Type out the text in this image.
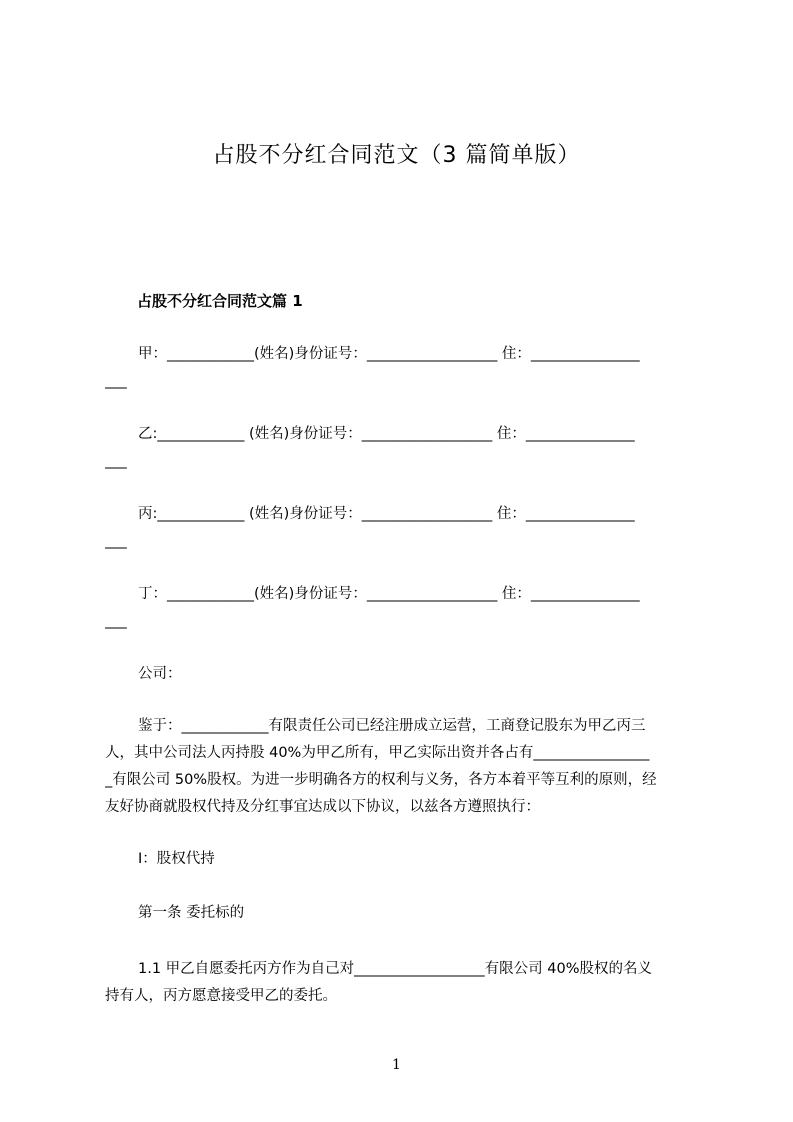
占股不分红合同范文（3 篇简单版）
占股不分红合同范文篇 1
甲：____________(姓名)身份证号：__________________ 住：_______________
___
乙:____________ (姓名)身份证号：__________________ 住：_______________
___
丙:____________ (姓名)身份证号：__________________ 住：_______________
___
丁：____________(姓名)身份证号：__________________ 住：_______________
___
公司：
鉴于：____________有限责任公司已经注册成立运营，工商登记股东为甲乙丙三
人，其中公司法人丙持股 40%为甲乙所有，甲乙实际出资并各占有________________
_有限公司 50%股权。为进一步明确各方的权利与义务，各方本着平等互利的原则，经
友好协商就股权代持及分红事宜达成以下协议，以兹各方遵照执行：
Ⅰ：股权代持
第一条 委托标的
1.1 甲乙自愿委托丙方作为自己对__________________有限公司 40%股权的名义
持有人，丙方愿意接受甲乙的委托。
1
